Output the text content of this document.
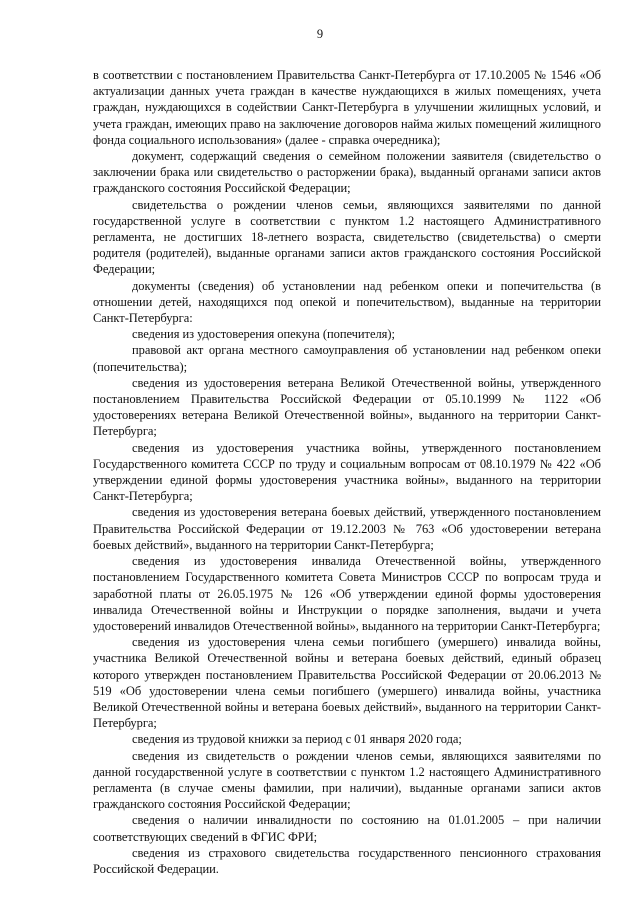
9

в соответствии с постановлением Правительства Санкт-Петербурга от 17.10.2005 № 1546 «Об актуализации данных учета граждан в качестве нуждающихся в жилых помещениях, учета граждан, нуждающихся в содействии Санкт-Петербурга в улучшении жилищных условий, и учета граждан, имеющих право на заключение договоров найма жилых помещений жилищного фонда социального использования» (далее - справка очередника);

документ, содержащий сведения о семейном положении заявителя (свидетельство о заключении брака или свидетельство о расторжении брака), выданный органами записи актов гражданского состояния Российской Федерации;

свидетельства о рождении членов семьи, являющихся заявителями по данной государственной услуге в соответствии с пунктом 1.2 настоящего Административного регламента, не достигших 18-летнего возраста, свидетельство (свидетельства) о смерти родителя (родителей), выданные органами записи актов гражданского состояния Российской Федерации;

документы (сведения) об установлении над ребенком опеки и попечительства (в отношении детей, находящихся под опекой и попечительством), выданные на территории Санкт-Петербурга:

сведения из удостоверения опекуна (попечителя);

правовой акт органа местного самоуправления об установлении над ребенком опеки (попечительства);

сведения из удостоверения ветерана Великой Отечественной войны, утвержденного постановлением Правительства Российской Федерации от 05.10.1999 № 1122 «Об удостоверениях ветерана Великой Отечественной войны», выданного на территории Санкт-Петербурга;

сведения из удостоверения участника войны, утвержденного постановлением Государственного комитета СССР по труду и социальным вопросам от 08.10.1979 № 422 «Об утверждении единой формы удостоверения участника войны», выданного на территории Санкт-Петербурга;

сведения из удостоверения ветерана боевых действий, утвержденного постановлением Правительства Российской Федерации от 19.12.2003 № 763 «Об удостоверении ветерана боевых действий», выданного на территории Санкт-Петербурга;

сведения из удостоверения инвалида Отечественной войны, утвержденного постановлением Государственного комитета Совета Министров СССР по вопросам труда и заработной платы от 26.05.1975 № 126 «Об утверждении единой формы удостоверения инвалида Отечественной войны и Инструкции о порядке заполнения, выдачи и учета удостоверений инвалидов Отечественной войны», выданного на территории Санкт-Петербурга;

сведения из удостоверения члена семьи погибшего (умершего) инвалида войны, участника Великой Отечественной войны и ветерана боевых действий, единый образец которого утвержден постановлением Правительства Российской Федерации от 20.06.2013 № 519 «Об удостоверении члена семьи погибшего (умершего) инвалида войны, участника Великой Отечественной войны и ветерана боевых действий», выданного на территории Санкт-Петербурга;

сведения из трудовой книжки за период с 01 января 2020 года;

сведения из свидетельств о рождении членов семьи, являющихся заявителями по данной государственной услуге в соответствии с пунктом 1.2 настоящего Административного регламента (в случае смены фамилии, при наличии), выданные органами записи актов гражданского состояния Российской Федерации;

сведения о наличии инвалидности по состоянию на 01.01.2005 – при наличии соответствующих сведений в ФГИС ФРИ;

сведения из страхового свидетельства государственного пенсионного страхования Российской Федерации.
